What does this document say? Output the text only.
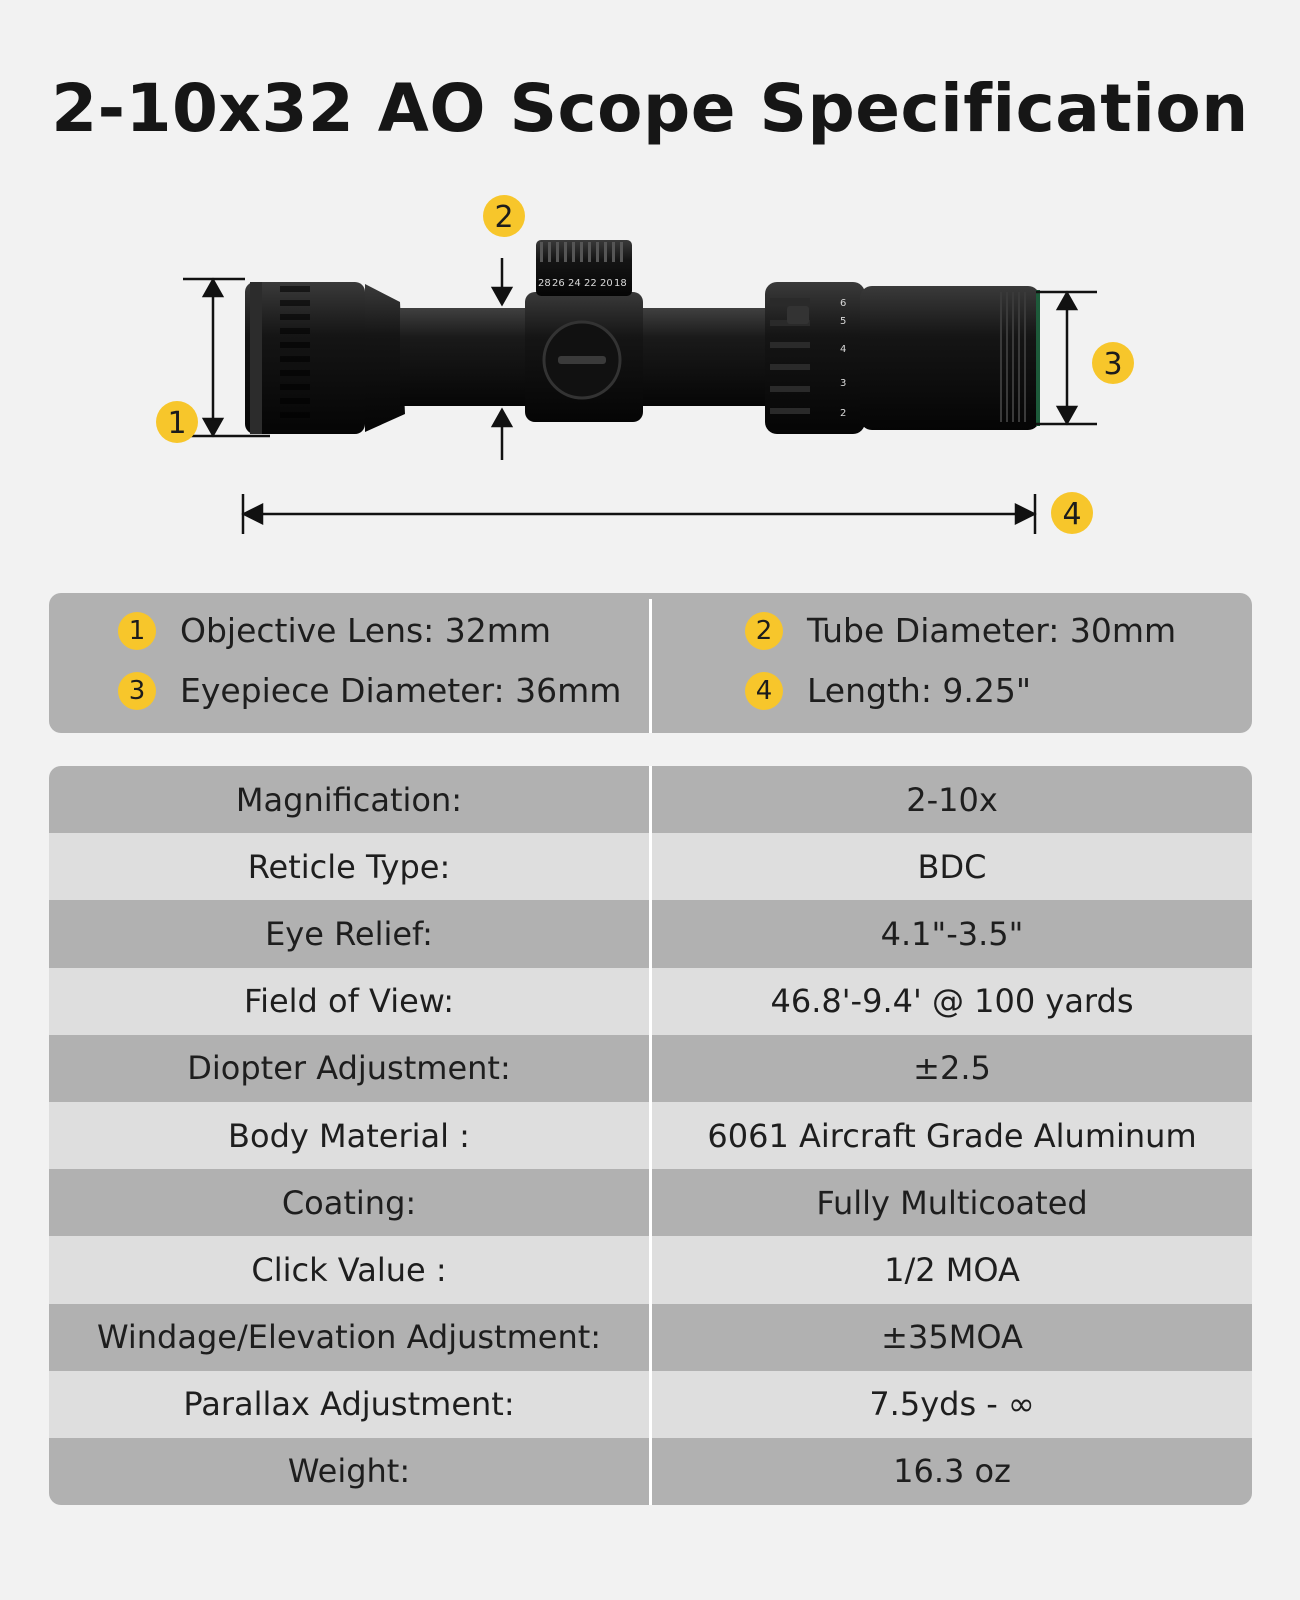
2-10x32 AO Scope Specification
28 26 24 22 20 18
6
5
4
3
2
1
2
3
4
1	Objective Lens: 32mm	2	Tube Diameter: 30mm
3	Eyepiece Diameter: 36mm	4	Length: 9.25"
Magnification:	2-10x
Reticle Type:	BDC
Eye Relief:	4.1"-3.5"
Field of View:	46.8'-9.4' @ 100 yards
Diopter Adjustment:	±2.5
Body Material :	6061 Aircraft Grade Aluminum
Coating:	Fully Multicoated
Click Value :	1/2 MOA
Windage/Elevation Adjustment:	±35MOA
Parallax Adjustment:	7.5yds - ∞
Weight:	16.3 oz
